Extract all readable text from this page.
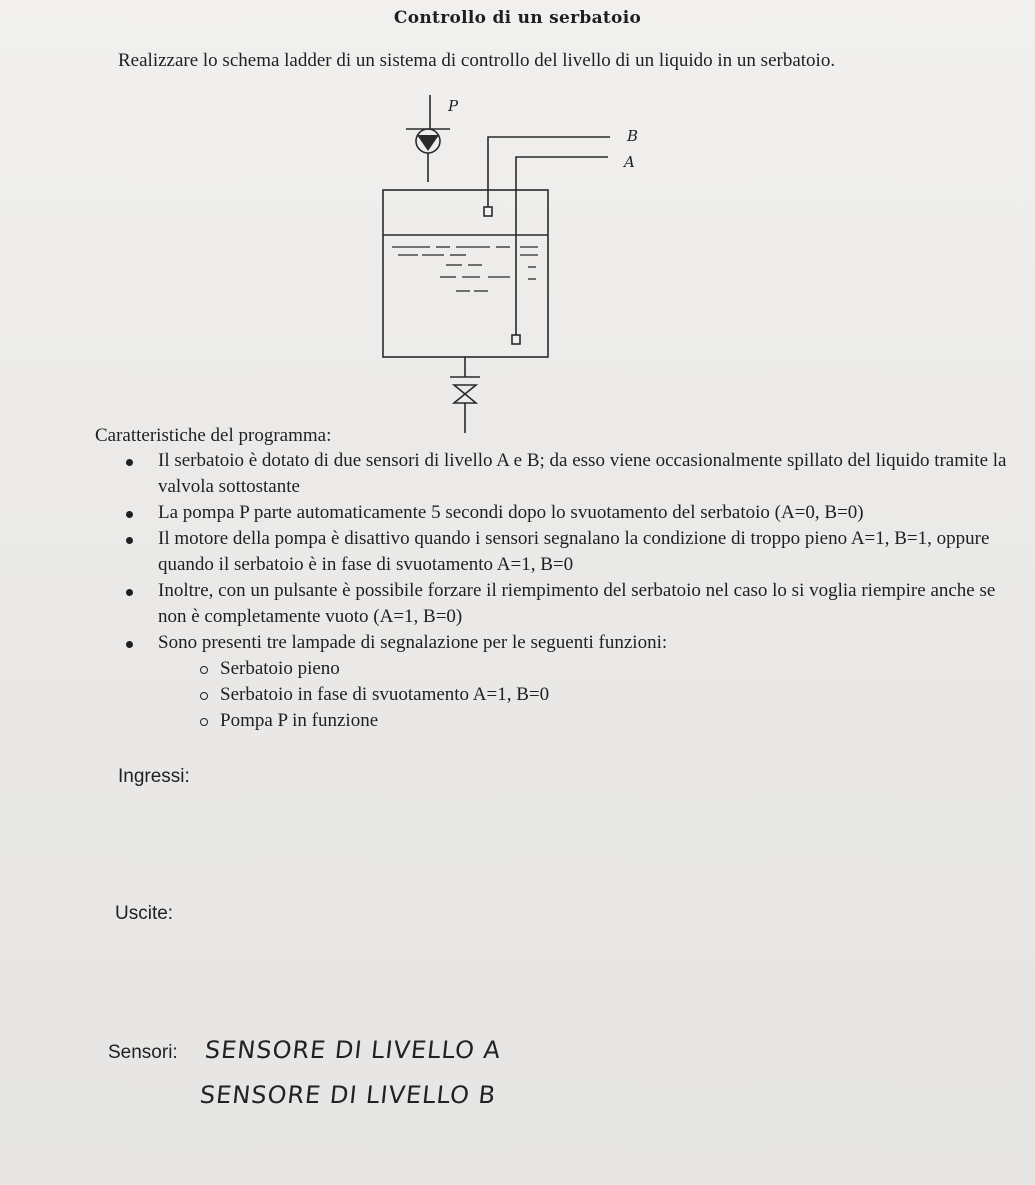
Controllo di un serbatoio
Realizzare lo schema ladder di un sistema di controllo del livello di un liquido in un serbatoio.
P
B
A
Caratteristiche del programma:
Il serbatoio è dotato di due sensori di livello A e B; da esso viene occasionalmente spillato del liquido tramite la valvola sottostante
La pompa P parte automaticamente 5 secondi dopo lo svuotamento del serbatoio (A=0, B=0)
Il motore della pompa è disattivo quando i sensori segnalano la condizione di troppo pieno A=1, B=1, oppure quando il serbatoio è in fase di svuotamento A=1, B=0
Inoltre, con un pulsante è possibile forzare il riempimento del serbatoio nel caso lo si voglia riempire anche se non è completamente vuoto (A=1, B=0)
Sono presenti tre lampade di segnalazione per le seguenti funzioni:
Serbatoio pieno
Serbatoio in fase di svuotamento A=1, B=0
Pompa P in funzione
Ingressi:
Uscite:
Sensori: SENSORE DI LIVELLO A
SENSORE DI LIVELLO B
